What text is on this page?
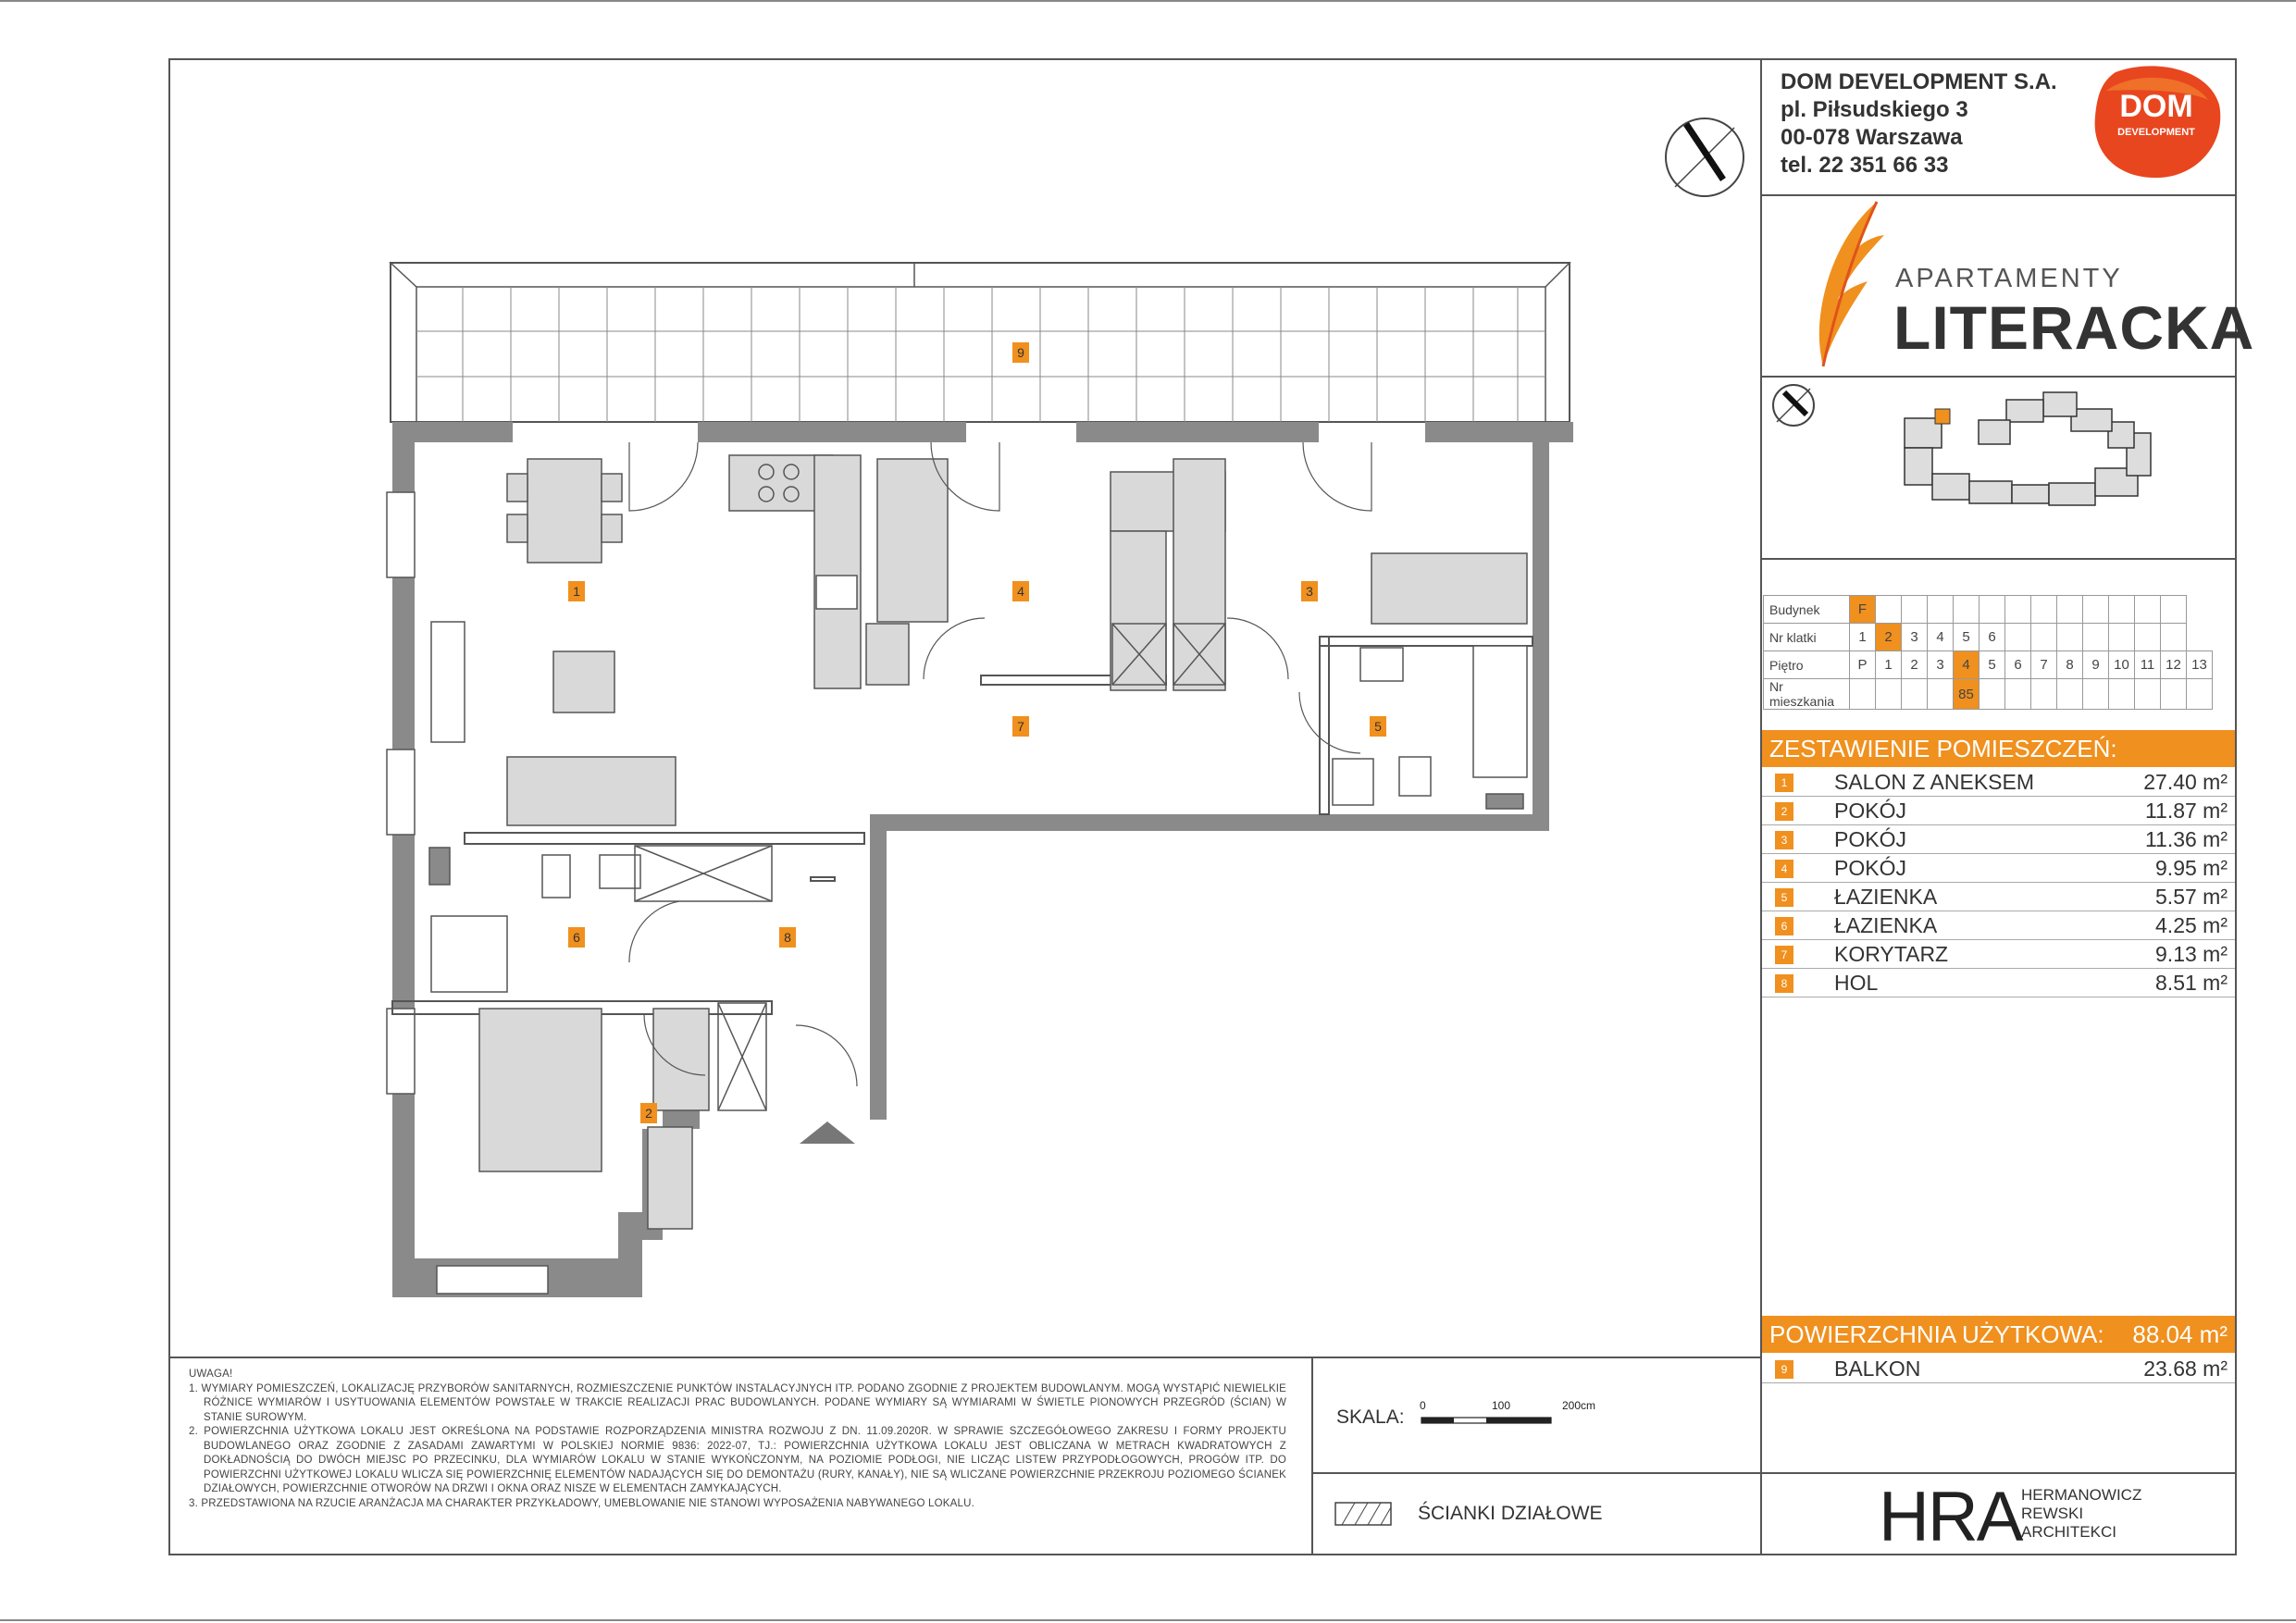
DOM DEVELOPMENT S.A.
pl. Piłsudskiego 3
00-078 Warszawa
tel. 22 351 66 33
DOM
DEVELOPMENT
APARTAMENTY
LITERACKA
Budynek	F													
Nr klatki	1	2	3	4	5	6								
Piętro	P	1	2	3	4	5	6	7	8	9	10	11	12	13
Nr mieszkania					85									
ZESTAWIENIE POMIESZCZEŃ:
1 SALON Z ANEKSEM	27.40 m²
2 POKÓJ	11.87 m²
3 POKÓJ	11.36 m²
4 POKÓJ	9.95 m²
5 ŁAZIENKA	5.57 m²
6 ŁAZIENKA	4.25 m²
7 KORYTARZ	9.13 m²
8 HOL	8.51 m²
POWIERZCHNIA UŻYTKOWA: 88.04 m²
9 BALKON	23.68 m²
HRA HERMANOWICZ
REWSKI
ARCHITEKCI
UWAGA!
1. WYMIARY POMIESZCZEŃ, LOKALIZACJĘ PRZYBORÓW SANITARNYCH, ROZMIESZCZENIE PUNKTÓW INSTALACYJNYCH ITP. PODANO ZGODNIE Z PROJEKTEM BUDOWLANYM. MOGĄ WYSTĄPIĆ NIEWIELKIE RÓŻNICE WYMIARÓW I USYTUOWANIA ELEMENTÓW POWSTAŁE W TRAKCIE REALIZACJI PRAC BUDOWLANYCH. PODANE WYMIARY SĄ WYMIARAMI W ŚWIETLE PIONOWYCH PRZEGRÓD (ŚCIAN) W STANIE SUROWYM.
2. POWIERZCHNIA UŻYTKOWA LOKALU JEST OKREŚLONA NA PODSTAWIE ROZPORZĄDZENIA MINISTRA ROZWOJU Z DN. 11.09.2020R. W SPRAWIE SZCZEGÓŁOWEGO ZAKRESU I FORMY PROJEKTU BUDOWLANEGO ORAZ ZGODNIE Z ZASADAMI ZAWARTYMI W POLSKIEJ NORMIE 9836: 2022-07, TJ.: POWIERZCHNIA UŻYTKOWA LOKALU JEST OBLICZANA W METRACH KWADRATOWYCH Z DOKŁADNOŚCIĄ DO DWÓCH MIEJSC PO PRZECINKU, DLA WYMIARÓW LOKALU W STANIE WYKOŃCZONYM, NA POZIOMIE PODŁOGI, NIE LICZĄC LISTEW PRZYPODŁOGOWYCH, PROGÓW ITP. DO POWIERZCHNI UŻYTKOWEJ LOKALU WLICZA SIĘ POWIERZCHNIĘ ELEMENTÓW NADAJĄCYCH SIĘ DO DEMONTAŻU (RURY, KANAŁY), NIE SĄ WLICZANE POWIERZCHNIE PRZEKROJU POZIOMEGO ŚCIANEK DZIAŁOWYCH, POWIERZCHNIE OTWORÓW NA DRZWI I OKNA ORAZ NISZE W ELEMENTACH ZAMYKAJĄCYCH.
3. PRZEDSTAWIONA NA RZUCIE ARANŻACJA MA CHARAKTER PRZYKŁADOWY, UMEBLOWANIE NIE STANOWI WYPOSAŻENIA NABYWANEGO LOKALU.
SKALA:
0	100	200cm
ŚCIANKI DZIAŁOWE
1
2
3
4
5
6
7
8
9
